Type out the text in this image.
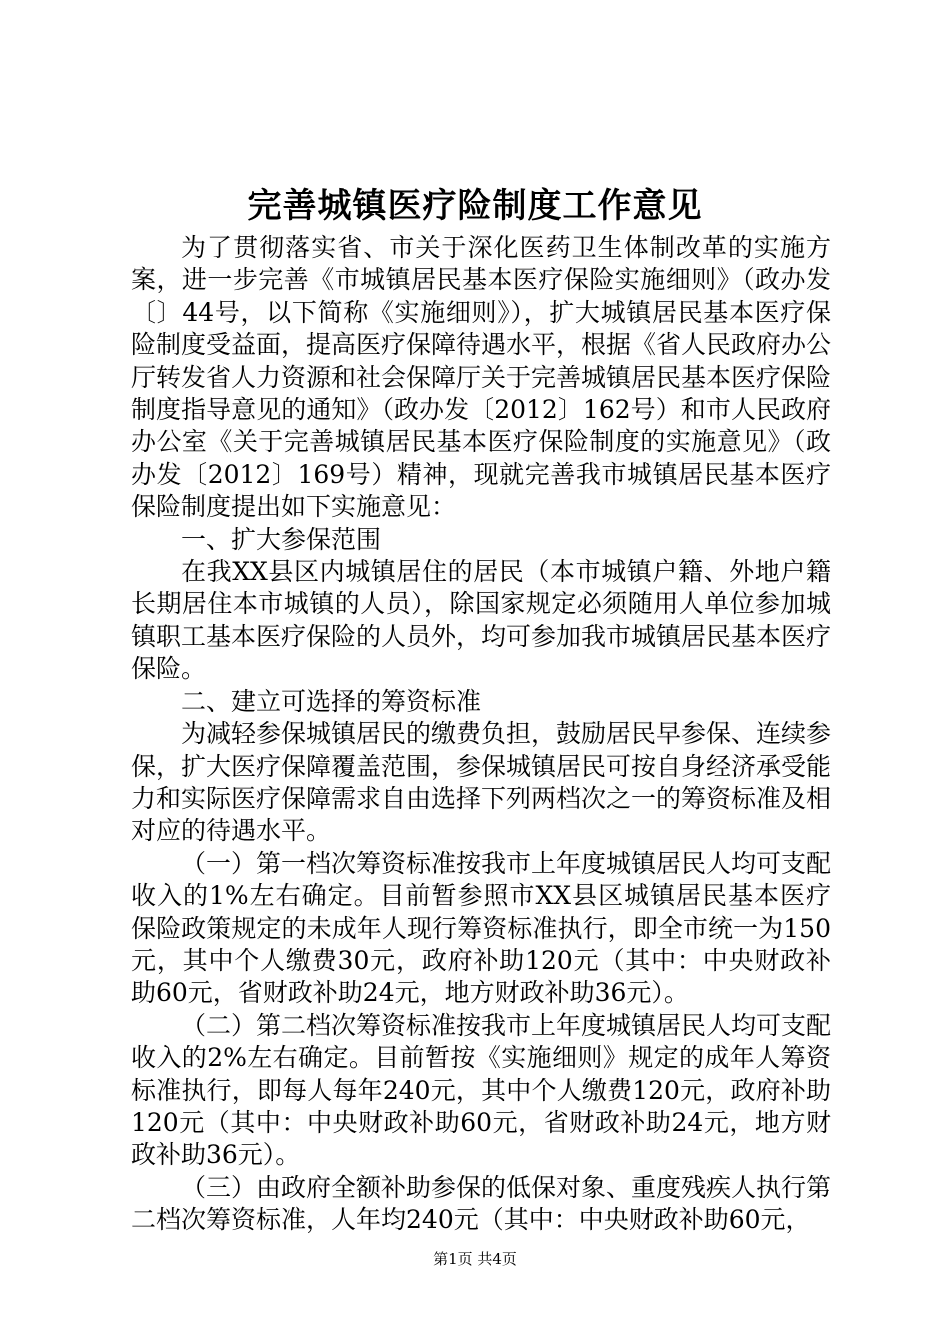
完善城镇医疗险制度工作意见

为了贯彻落实省、市关于深化医药卫生体制改革的实施方案，进一步完善《市城镇居民基本医疗保险实施细则》（政办发〔〕44号，以下简称《实施细则》），扩大城镇居民基本医疗保险制度受益面，提高医疗保障待遇水平，根据《省人民政府办公厅转发省人力资源和社会保障厅关于完善城镇居民基本医疗保险制度指导意见的通知》（政办发〔2012〕162号）和市人民政府办公室《关于完善城镇居民基本医疗保险制度的实施意见》（政办发〔2012〕169号）精神，现就完善我市城镇居民基本医疗保险制度提出如下实施意见：

一、扩大参保范围

在我XX县区内城镇居住的居民（本市城镇户籍、外地户籍长期居住本市城镇的人员），除国家规定必须随用人单位参加城镇职工基本医疗保险的人员外，均可参加我市城镇居民基本医疗保险。

二、建立可选择的筹资标准

为减轻参保城镇居民的缴费负担，鼓励居民早参保、连续参保，扩大医疗保障覆盖范围，参保城镇居民可按自身经济承受能力和实际医疗保障需求自由选择下列两档次之一的筹资标准及相对应的待遇水平。

（一）第一档次筹资标准按我市上年度城镇居民人均可支配收入的1%左右确定。目前暂参照市XX县区城镇居民基本医疗保险政策规定的未成年人现行筹资标准执行，即全市统一为150元，其中个人缴费30元，政府补助120元（其中：中央财政补助60元，省财政补助24元，地方财政补助36元）。

（二）第二档次筹资标准按我市上年度城镇居民人均可支配收入的2%左右确定。目前暂按《实施细则》规定的成年人筹资标准执行，即每人每年240元，其中个人缴费120元，政府补助120元（其中：中央财政补助60元，省财政补助24元，地方财政补助36元）。

（三）由政府全额补助参保的低保对象、重度残疾人执行第二档次筹资标准，人年均240元（其中：中央财政补助60元，

第1页 共4页
